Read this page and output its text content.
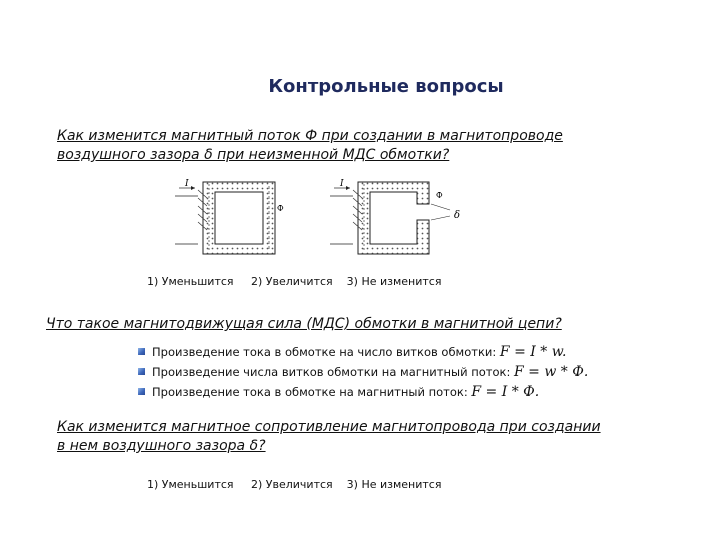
Контрольные вопросы
Как изменится магнитный поток Ф при создании в магнитопроводе
воздушного зазора δ при неизменной МДС обмотки?
I
Ф
I
Ф
δ
1) Уменьшится 2) Увеличится 3) Не изменится
Что такое магнитодвижущая сила (МДС) обмотки в магнитной цепи?
Произведение тока в обмотке на число витков обмотки: F = I * w.
Произведение числа витков обмотки на магнитный поток: F = w * Ф.
Произведение тока в обмотке на магнитный поток: F = I * Ф.
Как изменится магнитное сопротивление магнитопровода при создании
в нем воздушного зазора δ?
1) Уменьшится 2) Увеличится 3) Не изменится
